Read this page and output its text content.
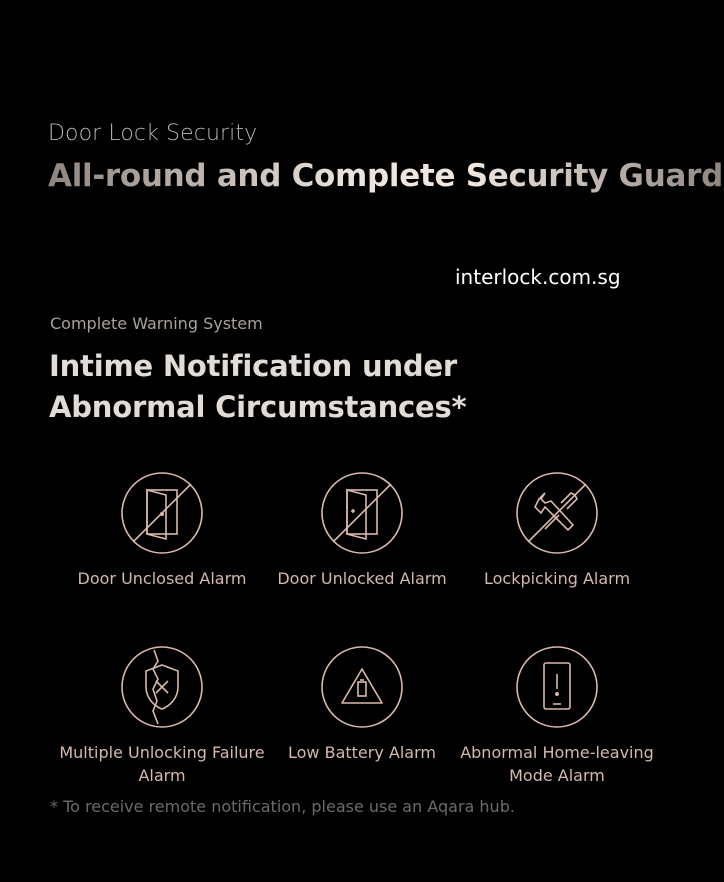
Door Lock Security
All-round and Complete Security Guard
interlock.com.sg
Complete Warning System
Intime Notification under Abnormal Circumstances*
Door Unclosed Alarm	Door Unlocked Alarm	Lockpicking Alarm
Multiple Unlocking Failure Alarm
Low Battery Alarm	Abnormal Home-leaving Mode Alarm
* To receive remote notification, please use an Aqara hub.
